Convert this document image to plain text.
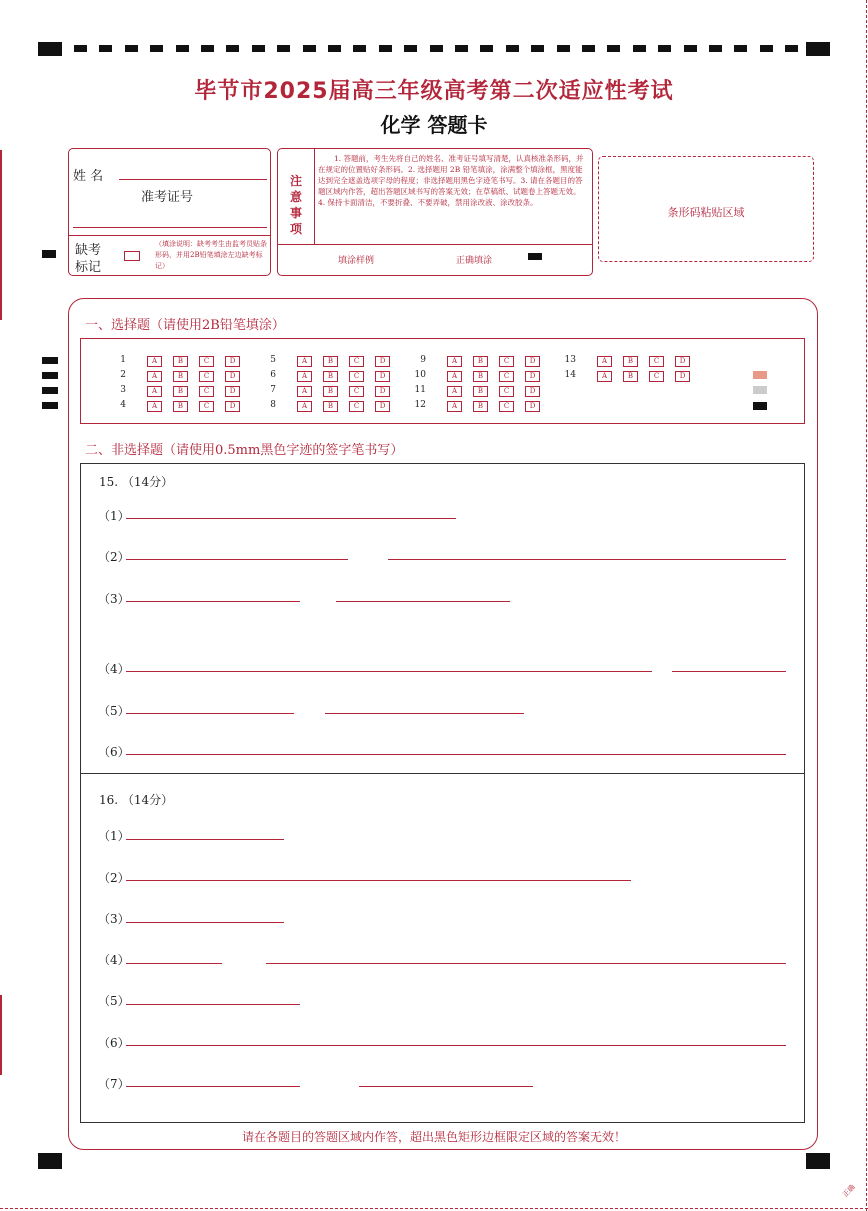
毕节市2025届高三年级高考第二次适应性考试
化学 答题卡
姓 名
准考证号
缺考
标记
（填涂说明：缺考考生由监考员贴条形码，并用2B铅笔填涂左边缺考标记）
注
意
事
项
1. 答题前，考生先将自己的姓名、准考证号填写清楚，认真核准条形码，并在规定的位置贴好条形码。2. 选择题用 2B 铅笔填涂，涂满整个填涂框，黑度能达到完全遮盖选项字母的程度；非选择题用黑色字迹笔书写。3. 请在各题目的答题区域内作答，超出答题区域书写的答案无效；在草稿纸、试题卷上答题无效。4. 保持卡面清洁，不要折叠、不要弄破，禁用涂改液、涂改胶条。
填涂样例	正确填涂
条形码粘贴区域
一、选择题（请使用2B铅笔填涂）
1	A	B	C	D
2	A	B	C	D
3	A	B	C	D
4	A	B	C	D
5	A	B	C	D
6	A	B	C	D
7	A	B	C	D
8	A	B	C	D
9	A	B	C	D
10	A	B	C	D
11	A	B	C	D
12	A	B	C	D
13	A	B	C	D
14	A	B	C	D
二、非选择题（请使用0.5mm黑色字迹的签字笔书写）
15. （14分）
（1）
（2）
（3）
（4）
（5）
（6）
16. （14分）
（1）
（2）
（3）
（4）
（5）
（6）
（7）
请在各题目的答题区域内作答，超出黑色矩形边框限定区域的答案无效！
正确
